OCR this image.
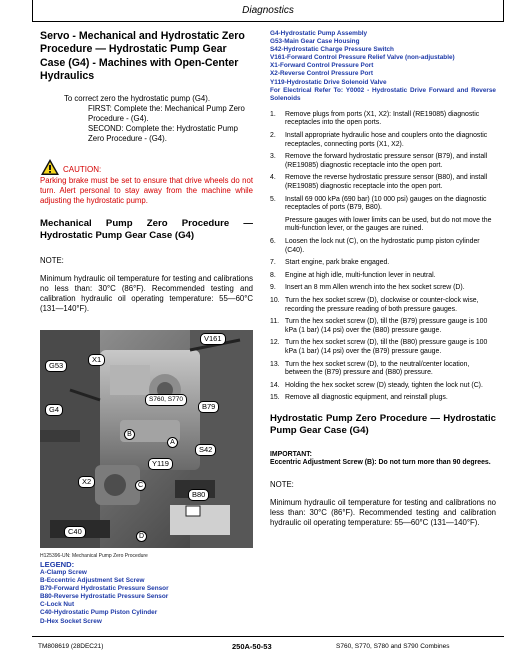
Diagnostics
Servo - Mechanical and Hydrostatic Zero Procedure — Hydrostatic Pump Gear Case (G4) - Machines with Open-Center Hydraulics
To correct zero the hydrostatic pump (G4).
FIRST: Complete the: Mechanical Pump Zero Procedure - (G4).
SECOND: Complete the: Hydrostatic Pump Zero Procedure - (G4).
CAUTION:
Parking brake must be set to ensure that drive wheels do not turn. Alert personal to stay away from the machine while adjusting the hydrostatic pump.
Mechanical Pump Zero Procedure — Hydrostatic Pump Gear Case (G4)
NOTE:
Minimum hydraulic oil temperature for testing and calibrations no less than: 30°C (86°F). Recommended testing and calibration hydraulic oil operating temperature: 55—60°C (131—140°F).
V161
X1
G53
S760, S770
B79
G4
B
A
S42
Y119
X2	C
B80
C40
D
H125396-UN: Mechanical Pump Zero Procedure
LEGEND:
A-Clamp Screw
B-Eccentric Adjustment Set Screw
B79-Forward Hydrostatic Pressure Sensor
B80-Reverse Hydrostatic Pressure Sensor
C-Lock Nut
C40-Hydrostatic Pump Piston Cylinder
D-Hex Socket Screw
G4-Hydrostatic Pump Assembly
G53-Main Gear Case Housing
S42-Hydrostatic Charge Pressure Switch
V161-Forward Control Pressure Relief Valve (non-adjustable)
X1-Forward Control Pressure Port
X2-Reverse Control Pressure Port
Y119-Hydrostatic Drive Solenoid Valve
For Electrical Refer To: Y0002 - Hydrostatic Drive Forward and Reverse Solenoids
1.	Remove plugs from ports (X1, X2): Install (RE19085) diagnostic receptacles into the open ports.
2.	Install appropriate hydraulic hose and couplers onto the diagnostic receptacles, connecting ports (X1, X2).
3.	Remove the forward hydrostatic pressure sensor (B79), and install (RE19085) diagnostic receptacle into the open port.
4.	Remove the reverse hydrostatic pressure sensor (B80), and install (RE19085) diagnostic receptacle into the open port.
5.	Install 69 000 kPa (690 bar) (10 000 psi) gauges on the diagnostic receptacles of ports (B79, B80).
Pressure gauges with lower limits can be used, but do not move the multi-function lever, or the gauges are ruined.
6.	Loosen the lock nut (C), on the hydrostatic pump piston cylinder (C40).
7.	Start engine, park brake engaged.
8.	Engine at high idle, multi-function lever in neutral.
9.	Insert an 8 mm Allen wrench into the hex socket screw (D).
10. Turn the hex socket screw (D), clockwise or counter-clock wise, recording the pressure reading of both pressure gauges.
11. Turn the hex socket screw (D), till the (B79) pressure gauge is 100 kPa (1 bar) (14 psi) over the (B80) pressure gauge.
12. Turn the hex socket screw (D), till the (B80) pressure gauge is 100 kPa (1 bar) (14 psi) over the (B79) pressure gauge.
13. Turn the hex socket screw (D), to the neutral/center location, between the (B79) pressure and (B80) pressure.
14. Holding the hex socket screw (D) steady, tighten the lock nut (C).
15. Remove all diagnostic equipment, and reinstall plugs.
Hydrostatic Pump Zero Procedure — Hydrostatic Pump Gear Case (G4)
IMPORTANT:
Eccentric Adjustment Screw (B): Do not turn more than 90 degrees.
NOTE:
Minimum hydraulic oil temperature for testing and calibrations no less than: 30°C (86°F). Recommended testing and calibration hydraulic oil operating temperature: 55—60°C (131—140°F).
TM808619 (28DEC21)	250A-50-53	S760, S770, S780 and S790 Combines
